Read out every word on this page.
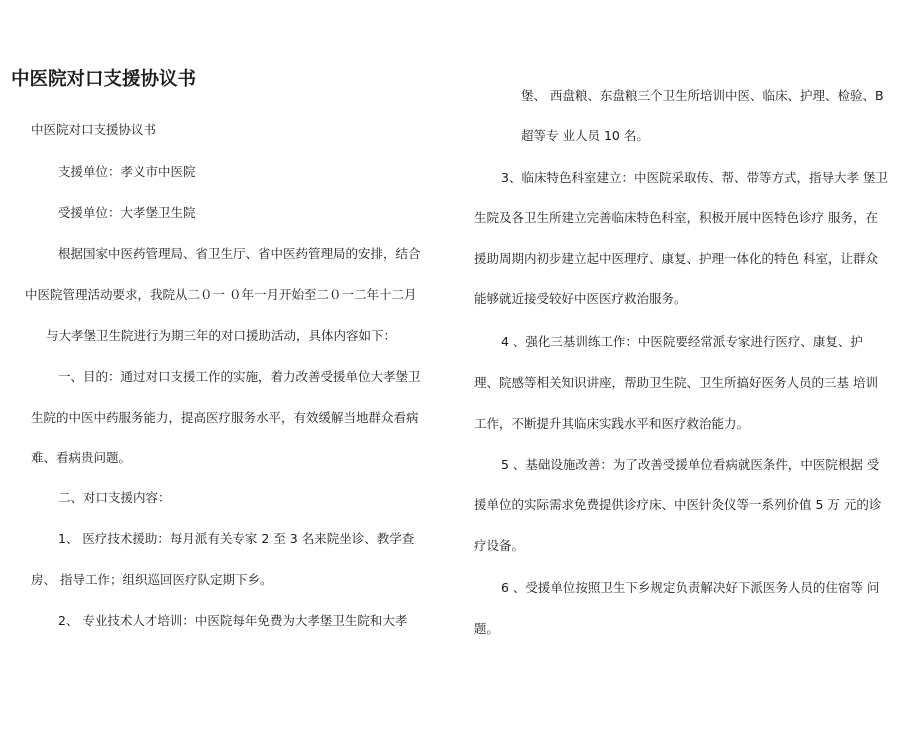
中医院对口支援协议书
中医院对口支援协议书
支援单位：孝义市中医院
受援单位：大孝堡卫生院
根据国家中医药管理局、省卫生厅、省中医药管理局的安排，结合
中医院管理活动要求，我院从二０一 ０年一月开始至二０一二年十二月
与大孝堡卫生院进行为期三年的对口援助活动，具体内容如下：
一、目的：通过对口支援工作的实施，着力改善受援单位大孝堡卫
生院的中医中药服务能力，提高医疗服务水平，有效缓解当地群众看病
难、看病贵问题。
二、对口支援内容：
1、 医疗技术援助：每月派有关专家 2 至 3 名来院坐诊、教学查
房、 指导工作；组织巡回医疗队定期下乡。
2、 专业技术人才培训：中医院每年免费为大孝堡卫生院和大孝
堡、 西盘粮、东盘粮三个卫生所培训中医、临床、护理、检验、B
超等专 业人员 10 名。
3、临床特色科室建立：中医院采取传、帮、带等方式，指导大孝 堡卫
生院及各卫生所建立完善临床特色科室，积极开展中医特色诊疗 服务，在
援助周期内初步建立起中医理疗、康复、护理一体化的特色 科室，让群众
能够就近接受较好中医医疗救治服务。
4 、强化三基训练工作：中医院要经常派专家进行医疗、康复、护
理、院感等相关知识讲座，帮助卫生院、卫生所搞好医务人员的三基 培训
工作，不断提升其临床实践水平和医疗救治能力。
5 、基础设施改善：为了改善受援单位看病就医条件，中医院根据 受
援单位的实际需求免费提供诊疗床、中医针灸仪等一系列价值 5 万 元的诊
疗设备。
6 、受援单位按照卫生下乡规定负责解决好下派医务人员的住宿等 问
题。
